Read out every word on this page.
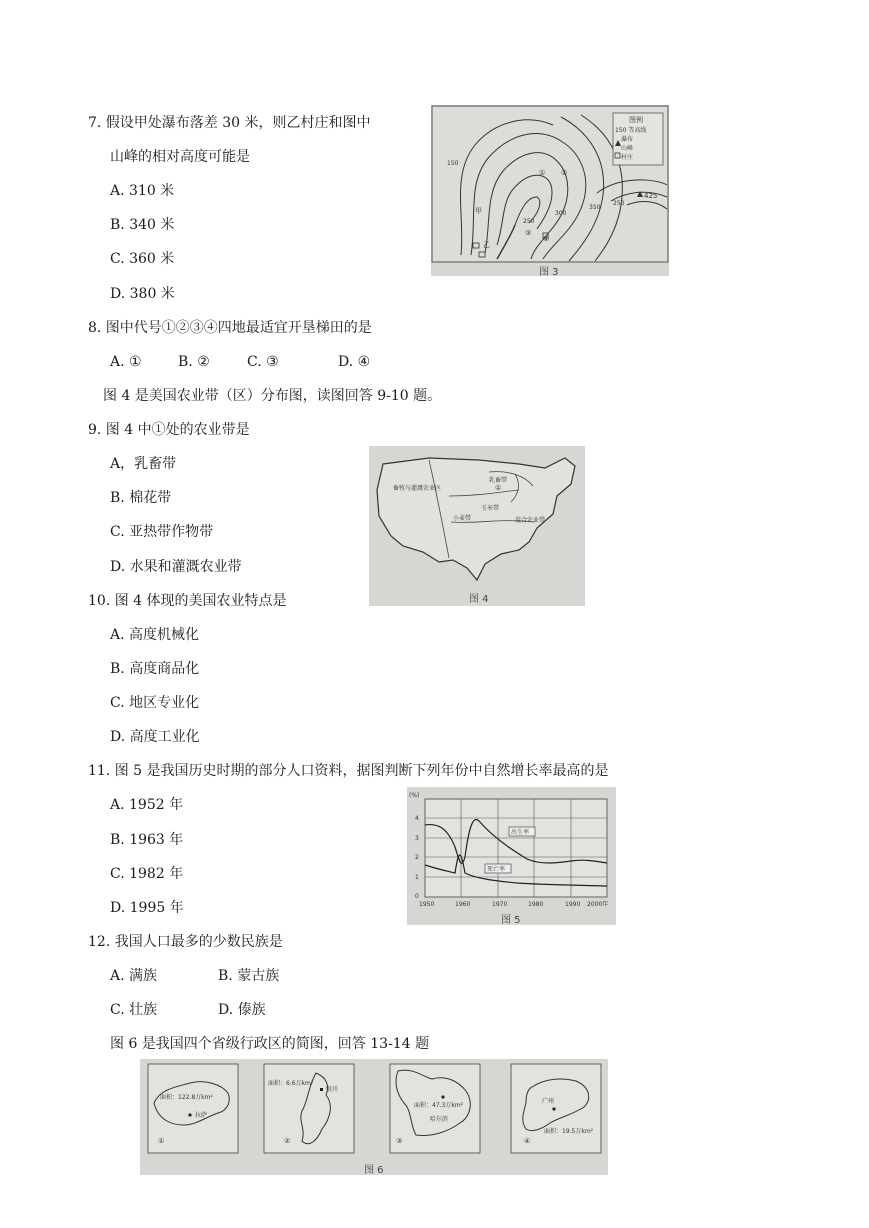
7. 假设甲处瀑布落差 30 米，则乙村庄和图中
山峰的相对高度可能是
A. 310 米
B. 340 米
C. 360 米
D. 380 米
8. 图中代号①②③④四地最适宜开垦梯田的是
A. ①	B. ②	C. ③	D. ④
图 4 是美国农业带（区）分布图，读图回答 9-10 题。
9. 图 4 中①处的农业带是
A，乳畜带
B. 棉花带
C. 亚热带作物带
D. 水果和灌溉农业带
10. 图 4 体现的美国农业特点是
A. 高度机械化
B. 高度商品化
C. 地区专业化
D. 高度工业化
11. 图 5 是我国历史时期的部分人口资料，据图判断下列年份中自然增长率最高的是
A. 1952 年
B. 1963 年
C. 1982 年
D. 1995 年
12. 我国人口最多的少数民族是
A. 满族	B. 蒙古族
C. 壮族	D. 傣族
图 6 是我国四个省级行政区的简图，回答 13-14 题
图例
150 等高线
瀑布
山峰
村庄
425
150
250
300
350
250
甲
乙
① ②
③
④
图 3
畜牧与灌溉农业区
乳畜带
玉米带
小麦带	混合农业带
①
图 4
出生率
死亡率
(%)
4
3
2
1
0
1950	1960	1970	1980	1990 2000年
图 5
面积：122.8万km²
拉萨
①
面积：6.6万km²
银川
②
面积：47.3万km²
哈尔滨
③
面积：19.5万km²
广州
④
图 6
